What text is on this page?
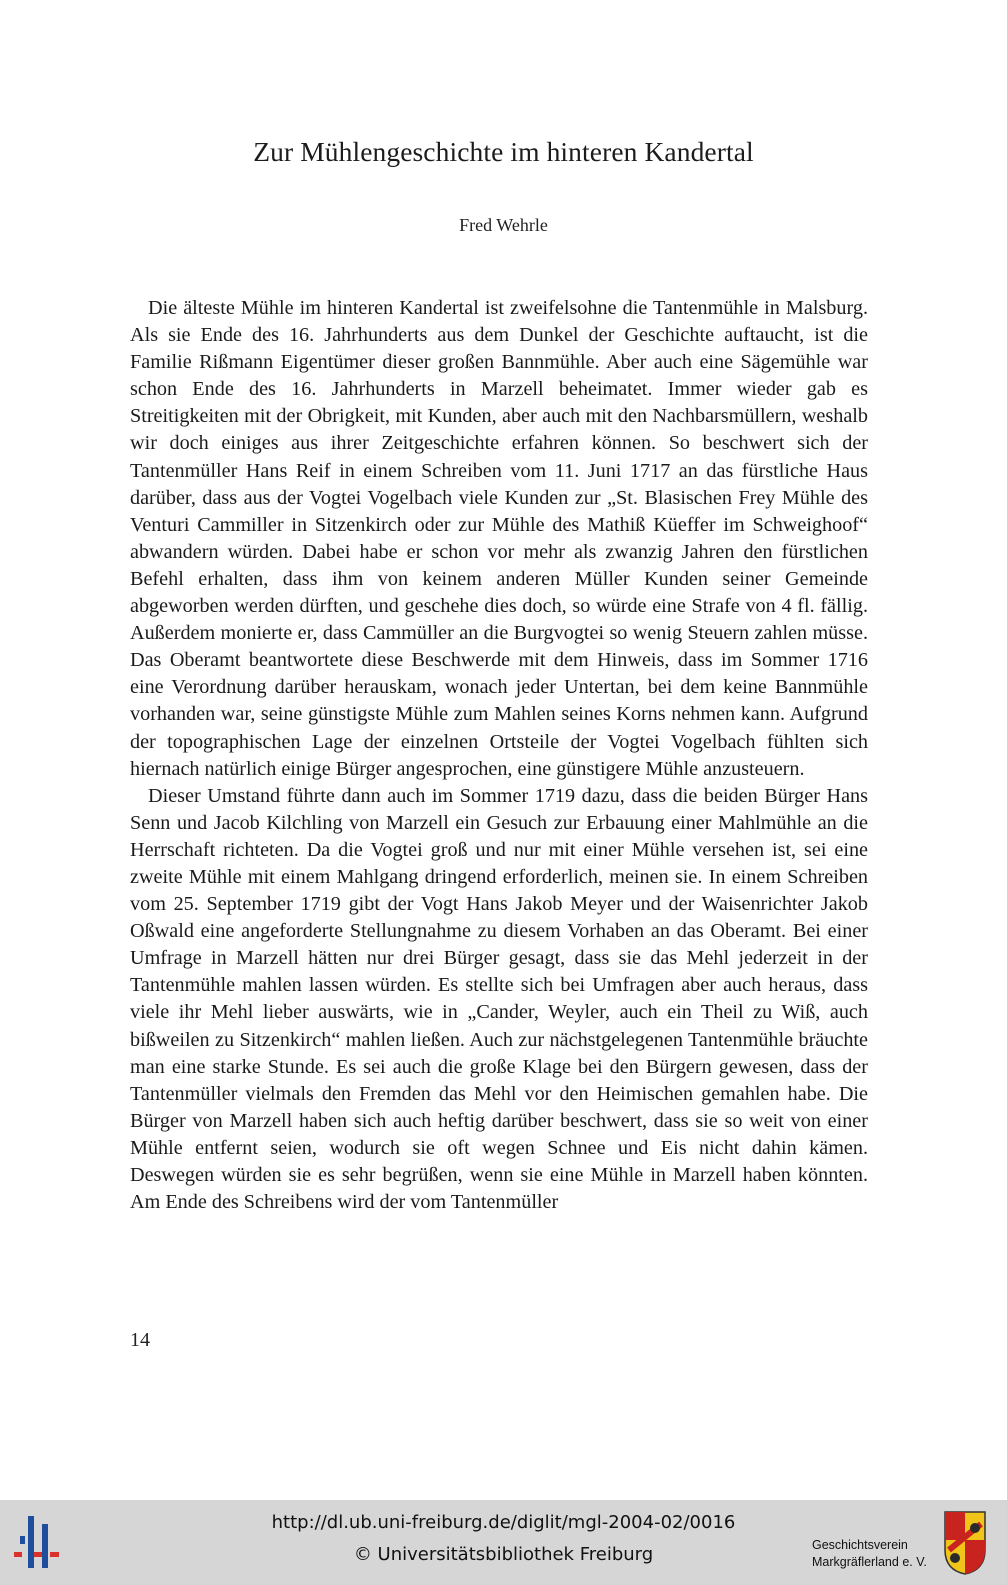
Zur Mühlengeschichte im hinteren Kandertal
Fred Wehrle

Die älteste Mühle im hinteren Kandertal ist zweifelsohne die Tantenmühle in Malsburg. Als sie Ende des 16. Jahrhunderts aus dem Dunkel der Geschichte auftaucht, ist die Familie Rißmann Eigentümer dieser großen Bannmühle. Aber auch eine Sägemühle war schon Ende des 16. Jahrhunderts in Marzell beheimatet. Immer wieder gab es Streitigkeiten mit der Obrigkeit, mit Kunden, aber auch mit den Nachbarsmüllern, weshalb wir doch einiges aus ihrer Zeitgeschichte erfahren können. So beschwert sich der Tantenmüller Hans Reif in einem Schreiben vom 11. Juni 1717 an das fürstliche Haus darüber, dass aus der Vogtei Vogelbach viele Kunden zur „St. Blasischen Frey Mühle des Venturi Cammiller in Sitzenkirch oder zur Mühle des Mathiß Küeffer im Schweighoof“ abwandern würden. Dabei habe er schon vor mehr als zwanzig Jahren den fürstlichen Befehl erhalten, dass ihm von keinem anderen Müller Kunden seiner Gemeinde abgeworben werden dürften, und geschehe dies doch, so würde eine Strafe von 4 fl. fällig. Außerdem monierte er, dass Cammüller an die Burgvogtei so wenig Steuern zahlen müsse. Das Oberamt beantwortete diese Beschwerde mit dem Hinweis, dass im Sommer 1716 eine Verordnung darüber herauskam, wonach jeder Untertan, bei dem keine Bannmühle vorhanden war, seine günstigste Mühle zum Mahlen seines Korns nehmen kann. Aufgrund der topographischen Lage der einzelnen Ortsteile der Vogtei Vogelbach fühlten sich hiernach natürlich einige Bürger angesprochen, eine günstigere Mühle anzusteuern.

Dieser Umstand führte dann auch im Sommer 1719 dazu, dass die beiden Bürger Hans Senn und Jacob Kilchling von Marzell ein Gesuch zur Erbauung einer Mahlmühle an die Herrschaft richteten. Da die Vogtei groß und nur mit einer Mühle versehen ist, sei eine zweite Mühle mit einem Mahlgang dringend erforderlich, meinen sie. In einem Schreiben vom 25. September 1719 gibt der Vogt Hans Jakob Meyer und der Waisenrichter Jakob Oßwald eine angeforderte Stellungnahme zu diesem Vorhaben an das Oberamt. Bei einer Umfrage in Marzell hätten nur drei Bürger gesagt, dass sie das Mehl jederzeit in der Tantenmühle mahlen lassen würden. Es stellte sich bei Umfragen aber auch heraus, dass viele ihr Mehl lieber auswärts, wie in „Cander, Weyler, auch ein Theil zu Wiß, auch bißweilen zu Sitzenkirch“ mahlen ließen. Auch zur nächstgelegenen Tantenmühle bräuchte man eine starke Stunde. Es sei auch die große Klage bei den Bürgern gewesen, dass der Tantenmüller vielmals den Fremden das Mehl vor den Heimischen gemahlen habe. Die Bürger von Marzell haben sich auch heftig darüber beschwert, dass sie so weit von einer Mühle entfernt seien, wodurch sie oft wegen Schnee und Eis nicht dahin kämen. Deswegen würden sie es sehr begrüßen, wenn sie eine Mühle in Marzell haben könnten. Am Ende des Schreibens wird der vom Tantenmüller

14
http://dl.ub.uni-freiburg.de/diglit/mgl-2004-02/0016
© Universitätsbibliothek Freiburg	Geschichtsverein
Markgräflerland e. V.
